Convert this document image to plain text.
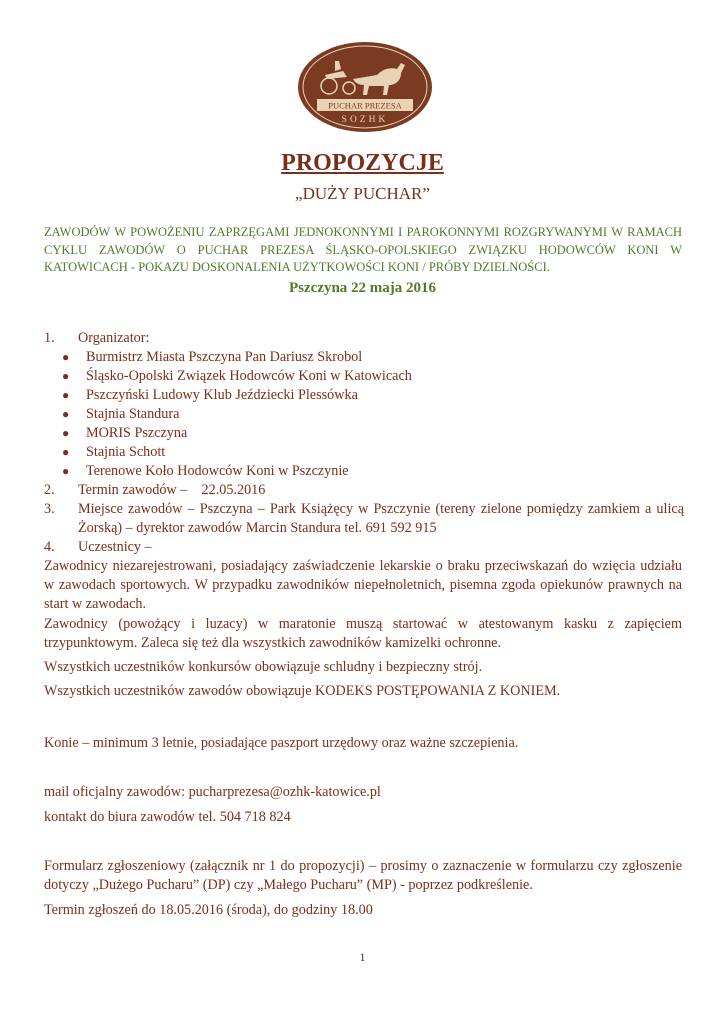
PUCHAR PREZESA
SOZHK
PROPOZYCJE
„DUŻY PUCHAR”
ZAWODÓW W POWOŻENIU ZAPRZĘGAMI JEDNOKONNYMI I PAROKONNYMI ROZGRYWANYMI W RAMACH CYKLU ZAWODÓW O PUCHAR PREZESA ŚLĄSKO-OPOLSKIEGO ZWIĄZKU HODOWCÓW KONI W KATOWICACH - POKAZU DOSKONALENIA UŻYTKOWOŚCI KONI / PRÓBY DZIELNOŚCI.
Pszczyna 22 maja 2016
1.	Organizator:
●	Burmistrz Miasta Pszczyna Pan Dariusz Skrobol
●	Śląsko-Opolski Związek Hodowców Koni w Katowicach
●	Pszczyński Ludowy Klub Jeździecki Plessówka
●	Stajnia Standura
●	MORIS Pszczyna
●	Stajnia Schott
●	Terenowe Koło Hodowców Koni w Pszczynie
2.	Termin zawodów –    22.05.2016
3.	Miejsce zawodów – Pszczyna – Park Książęcy w Pszczynie (tereny zielone pomiędzy zamkiem a ulicą Żorską) – dyrektor zawodów Marcin Standura tel. 691 592 915
4.	Uczestnicy –
Zawodnicy niezarejestrowani, posiadający zaświadczenie lekarskie o braku przeciwskazań do wzięcia udziału w zawodach sportowych. W przypadku zawodników niepełnoletnich, pisemna zgoda opiekunów prawnych na start w zawodach.
Zawodnicy (powożący i luzacy) w maratonie muszą startować w atestowanym kasku z zapięciem trzypunktowym. Zaleca się też dla wszystkich zawodników kamizelki ochronne.
Wszystkich uczestników konkursów obowiązuje schludny i bezpieczny strój.
Wszystkich uczestników zawodów obowiązuje KODEKS POSTĘPOWANIA Z KONIEM.
Konie – minimum 3 letnie, posiadające paszport urzędowy oraz ważne szczepienia.
mail oficjalny zawodów: pucharprezesa@ozhk-katowice.pl
kontakt do biura zawodów tel. 504 718 824
Formularz zgłoszeniowy (załącznik nr 1 do propozycji) – prosimy o zaznaczenie w formularzu czy zgłoszenie dotyczy „Dużego Pucharu” (DP) czy „Małego Pucharu” (MP) - poprzez podkreślenie.
Termin zgłoszeń do 18.05.2016 (środa), do godziny 18.00
1
